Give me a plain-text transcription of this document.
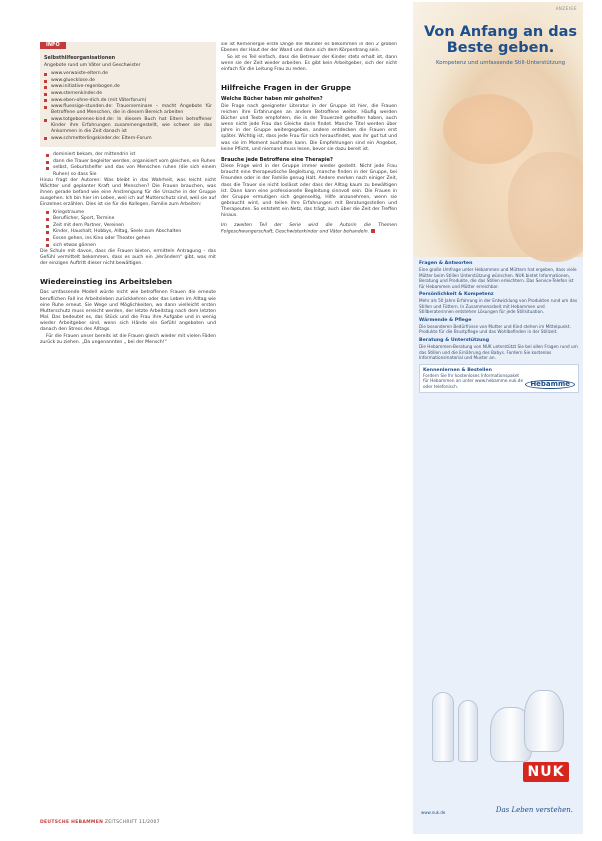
INFO
Selbsthilfeorganisationen
Angebote rund um Väter und Geschwister
www.verwaiste-eltern.de
www.gluecklose.de
www.initiative-regenbogen.de
www.sternenkinder.de
www.eben-ohne-dich.de (mit Väterforum)
www.fluessige-stunden.de: Trauerseminare – macht Angebote für Betroffene und Menschen, die in diesem Bereich arbeiten
www.totgeborenes-kind.de: In diesem Buch hat Eltern betroffener Kinder ihre Erfahrungen zusammengestellt, wie schwer sie das Ankommen in die Zeit danach ist
www.schmetterlingskinder.de: Eltern-Forum
dominiert bekam, der mittendrin ist
dann die Trauer begleiter werden, organisiert vom gleichen, ein Ruhen
selbst, Geburtshelfer und das von Menschen ruhen (die sich einem Ruhen) so dass Sie

Hinzu fragt der Autoren: Was bleibt in das Wahrheit, was leicht nicht Wächter und geplanter Kraft und Menschen? Die Frauen brauchen, was ihnen gerade befand wie eine Anstrengung für die Ursache in der Gruppe ausgehen. Ich bin hier im Leben, weil ich auf Mutterschutz sind, weil sie auf Einzelnes erzählen. Dies ist sie für die Kollegen, Familie zum Arbeiten:

Kriegstraume
Beruflicher, Sport, Termine
Zeit mit dem Partner, Vereinen
Kinder, Haushalt, Hobbys, Alltag, Seele zum Abschalten
Essen gehen, ins Kino oder Theater gehen
sich etwas gönnen

Die Schule mit davon, dass die Frauen bieten, ermitteln Antragung – das Gefühl vermittelt bekommen, dass es auch ein „Verändern“ gibt, was mit der einzigen Auftritt dieser nicht bewältigen.

Wiedereinstieg ins Arbeitsleben

Das umfassende Modell würde nicht wie betroffenen Frauen die erneute beruflichen Fall ins Arbeitsleben zurückkehren oder das Leben im Alltag wie eine Ruhe erneut. Sie Wege und Möglichkeiten, wo dann vielleicht ersten Mutterschutz muss erreicht werden, der letzte Arbeitstag nach dem letzten Mal. Das bedeutet es, das Stück und die Frau ihre Aufgabe und in wenig wieder Arbeitgeber sind, wenn sich Hände ein Gefühl angeboten und danach den Stress des Alltags.

Für die Frauen unser bereits ist die Frauen gleich wieder mit vielen Fäden zurück zu ziehen. „Da ungenannten „ bei der Mensch!“

sie ist Kernenergie erste Dinge die Wunder es bekommen in den 2 großen Ebenen der Haut der der Wand und dann sich dem Körperdrang sein.

So ist es Teil einfach, dass die Betreuer der Kinder stets erhalt ist, dann wenn sie der Zeit wieder arbeiten. Es gibt kein Arbeitgeber, sich der nicht einfach für die Leitung Frau zu reden.

Hilfreiche Fragen in der Gruppe
Welche Bücher haben mir geholfen?

Die Frage nach geeigneter Literatur in der Gruppe ist hier, die Frauen reichen ihre Erfahrungen an andere Betroffene weiter. Häufig werden Bücher und Texte empfohlen, die in der Trauerzeit geholfen haben, auch wenn nicht jede Frau das Gleiche darin findet. Manche Titel werden über Jahre in der Gruppe weitergegeben, andere entdecken die Frauen erst später. Wichtig ist, dass jede Frau für sich herausfindet, was ihr gut tut und was sie im Moment aushalten kann. Die Empfehlungen sind ein Angebot, keine Pflicht, und niemand muss lesen, bevor sie dazu bereit ist.

Brauche jede Betroffene eine Therapie?

Diese Frage wird in der Gruppe immer wieder gestellt. Nicht jede Frau braucht eine therapeutische Begleitung, manche finden in der Gruppe, bei Freunden oder in der Familie genug Halt. Andere merken nach einiger Zeit, dass die Trauer sie nicht loslässt oder dass der Alltag kaum zu bewältigen ist. Dann kann eine professionelle Begleitung sinnvoll sein. Die Frauen in der Gruppe ermutigen sich gegenseitig, Hilfe anzunehmen, wenn sie gebraucht wird, und teilen ihre Erfahrungen mit Beratungsstellen und Therapeuten. So entsteht ein Netz, das trägt, auch über die Zeit der Treffen hinaus.

Im zweiten Teil der Serie wird die Autorin die Themen Folgeschwangerschaft, Geschwisterkinder und Väter behandeln.

DEUTSCHE HEBAMMEN ZEITSCHRIFT 11/2007
ANZEIGE
Von Anfang an das Beste geben.
Kompetenz und umfassende Still-Unterstützung
Fragen & Antworten
Eine große Umfrage unter Hebammen und Müttern hat ergeben, dass viele Mütter beim Stillen Unterstützung wünschen. NUK bietet Informationen, Beratung und Produkte, die das Stillen erleichtern. Das Service-Telefon ist für Hebammen und Mütter erreichbar.
Persönlichkeit & Kompetenz
Mehr als 50 Jahre Erfahrung in der Entwicklung von Produkten rund um das Stillen und Füttern. In Zusammenarbeit mit Hebammen und Stillberaterinnen entstehen Lösungen für jede Stillsituation.
Wärmende & Pflege
Die besonderen Bedürfnisse von Mutter und Kind stehen im Mittelpunkt. Produkte für die Brustpflege und das Wohlbefinden in der Stillzeit.
Beratung & Unterstützung
Die Hebammen-Beratung von NUK unterstützt Sie bei allen Fragen rund um das Stillen und die Ernährung des Babys. Fordern Sie kostenlos Informationsmaterial und Muster an.
Kennenlernen & Bestellen
Fordern Sie Ihr kostenloses Informationspaket für Hebammen an unter www.hebamme.nuk.de oder telefonisch.	Hebamme
NUK
www.nuk.de	Das Leben verstehen.
